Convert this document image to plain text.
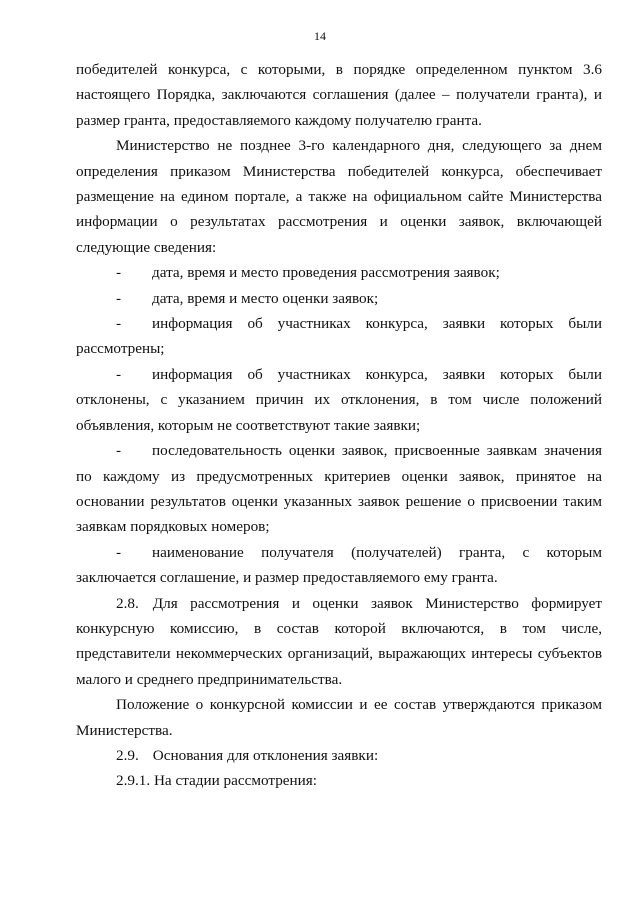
14

победителей конкурса, с которыми, в порядке определенном пунктом 3.6 настоящего Порядка, заключаются соглашения (далее – получатели гранта), и размер гранта, предоставляемого каждому получателю гранта.

Министерство не позднее 3-го календарного дня, следующего за днем определения приказом Министерства победителей конкурса, обеспечивает размещение на едином портале, а также на официальном сайте Министерства информации о результатах рассмотрения и оценки заявок, включающей следующие сведения:

- дата, время и место проведения рассмотрения заявок;

- дата, время и место оценки заявок;

- информация об участниках конкурса, заявки которых были рассмотрены;

- информация об участниках конкурса, заявки которых были отклонены, с указанием причин их отклонения, в том числе положений объявления, которым не соответствуют такие заявки;

- последовательность оценки заявок, присвоенные заявкам значения по каждому из предусмотренных критериев оценки заявок, принятое на основании результатов оценки указанных заявок решение о присвоении таким заявкам порядковых номеров;

- наименование получателя (получателей) гранта, с которым заключается соглашение, и размер предоставляемого ему гранта.

2.8. Для рассмотрения и оценки заявок Министерство формирует конкурсную комиссию, в состав которой включаются, в том числе, представители некоммерческих организаций, выражающих интересы субъектов малого и среднего предпринимательства.

Положение о конкурсной комиссии и ее состав утверждаются приказом Министерства.

2.9. Основания для отклонения заявки:

2.9.1. На стадии рассмотрения:
